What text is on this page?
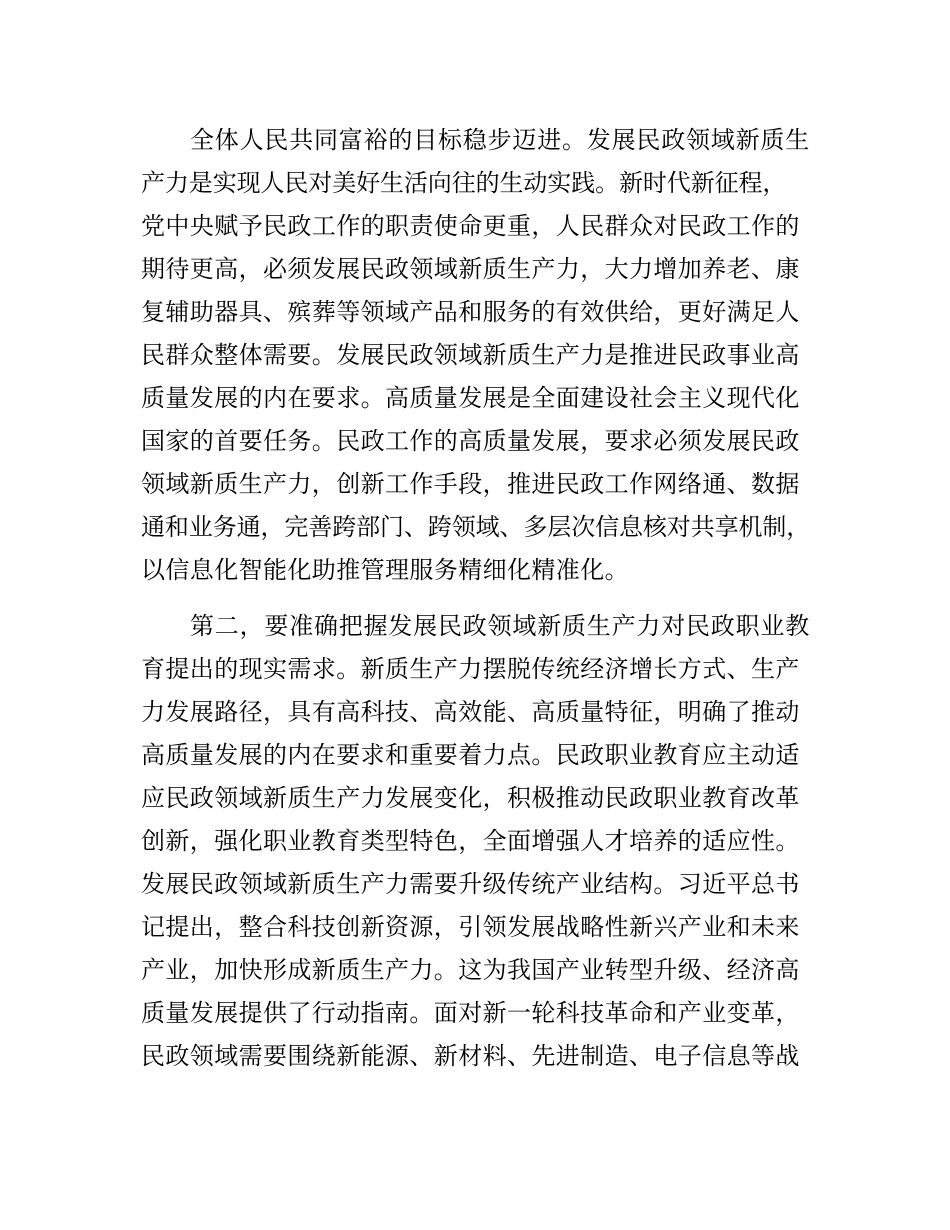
全体人民共同富裕的目标稳步迈进。发展民政领域新质生
产力是实现人民对美好生活向往的生动实践。新时代新征程，
党中央赋予民政工作的职责使命更重，人民群众对民政工作的
期待更高，必须发展民政领域新质生产力，大力增加养老、康
复辅助器具、殡葬等领域产品和服务的有效供给，更好满足人
民群众整体需要。发展民政领域新质生产力是推进民政事业高
质量发展的内在要求。高质量发展是全面建设社会主义现代化
国家的首要任务。民政工作的高质量发展，要求必须发展民政
领域新质生产力，创新工作手段，推进民政工作网络通、数据
通和业务通，完善跨部门、跨领域、多层次信息核对共享机制，
以信息化智能化助推管理服务精细化精准化。
第二，要准确把握发展民政领域新质生产力对民政职业教
育提出的现实需求。新质生产力摆脱传统经济增长方式、生产
力发展路径，具有高科技、高效能、高质量特征，明确了推动
高质量发展的内在要求和重要着力点。民政职业教育应主动适
应民政领域新质生产力发展变化，积极推动民政职业教育改革
创新，强化职业教育类型特色，全面增强人才培养的适应性。
发展民政领域新质生产力需要升级传统产业结构。习近平总书
记提出，整合科技创新资源，引领发展战略性新兴产业和未来
产业，加快形成新质生产力。这为我国产业转型升级、经济高
质量发展提供了行动指南。面对新一轮科技革命和产业变革，
民政领域需要围绕新能源、新材料、先进制造、电子信息等战
